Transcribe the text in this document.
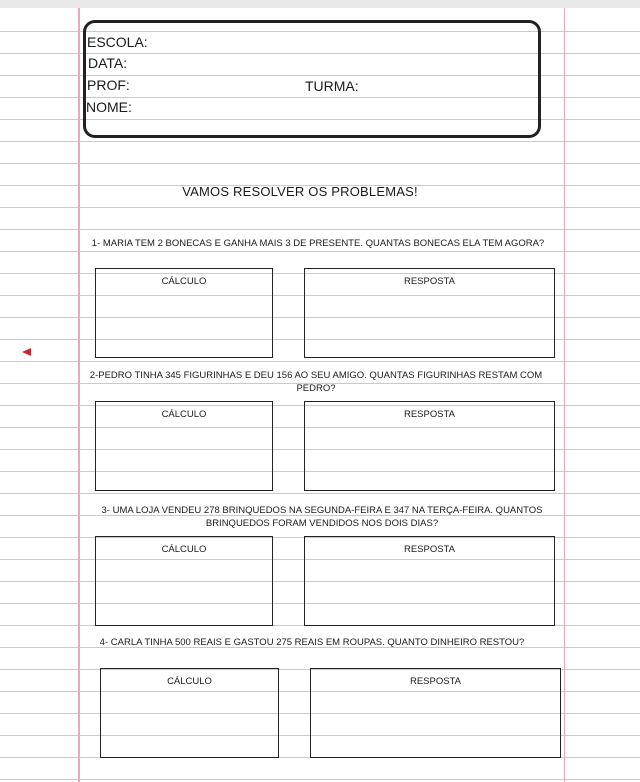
ESCOLA:
DATA:
PROF:	TURMA:
NOME:
VAMOS RESOLVER OS PROBLEMAS!
1- MARIA TEM 2 BONECAS E GANHA MAIS 3 DE PRESENTE. QUANTAS BONECAS ELA TEM AGORA?
CÁLCULO	RESPOSTA
2-PEDRO TINHA 345 FIGURINHAS E DEU 156 AO SEU AMIGO. QUANTAS FIGURINHAS RESTAM COM
PEDRO?
CÁLCULO	RESPOSTA
3- UMA LOJA VENDEU 278 BRINQUEDOS NA SEGUNDA-FEIRA E 347 NA TERÇA-FEIRA. QUANTOS
BRINQUEDOS FORAM VENDIDOS NOS DOIS DIAS?
CÁLCULO	RESPOSTA
4- CARLA TINHA 500 REAIS E GASTOU 275 REAIS EM ROUPAS. QUANTO DINHEIRO RESTOU?
CÁLCULO	RESPOSTA
